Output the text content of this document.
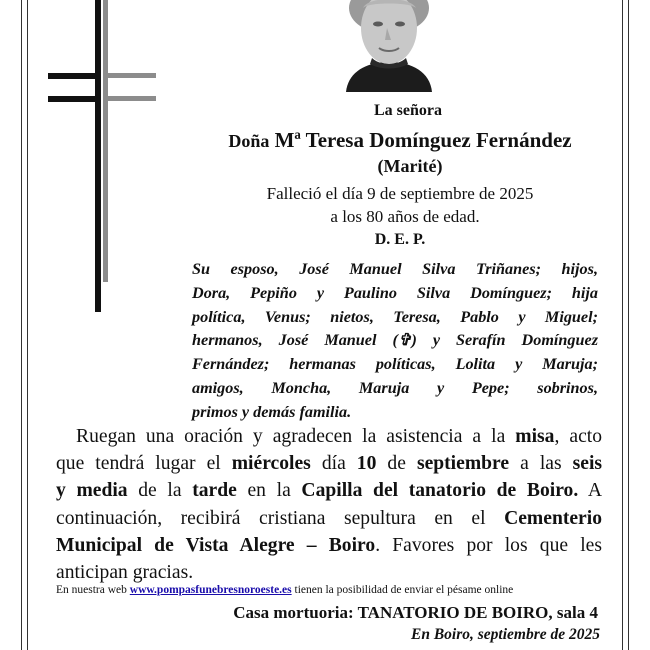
La señora
Doña Mª Teresa Domínguez Fernández
(Marité)
Falleció el día 9 de septiembre de 2025
a los 80 años de edad.
D. E. P.
Su esposo, José Manuel Silva Triñanes; hijos,
Dora, Pepiño y Paulino Silva Domínguez; hija
política, Venus; nietos, Teresa, Pablo y Miguel;
hermanos, José Manuel (✞) y Serafín Domínguez
Fernández; hermanas políticas, Lolita y Maruja;
amigos, Moncha, Maruja y Pepe; sobrinos,
primos y demás familia.
Ruegan una oración y agradecen la asistencia a la misa, acto
que tendrá lugar el miércoles día 10 de septiembre a las seis
y media de la tarde en la Capilla del tanatorio de Boiro. A
continuación, recibirá cristiana sepultura en el Cementerio
Municipal de Vista Alegre – Boiro. Favores por los que les
anticipan gracias.
En nuestra web www.pompasfunebresnoroeste.es tienen la posibilidad de enviar el pésame online
Casa mortuoria: TANATORIO DE BOIRO, sala 4
En Boiro, septiembre de 2025
